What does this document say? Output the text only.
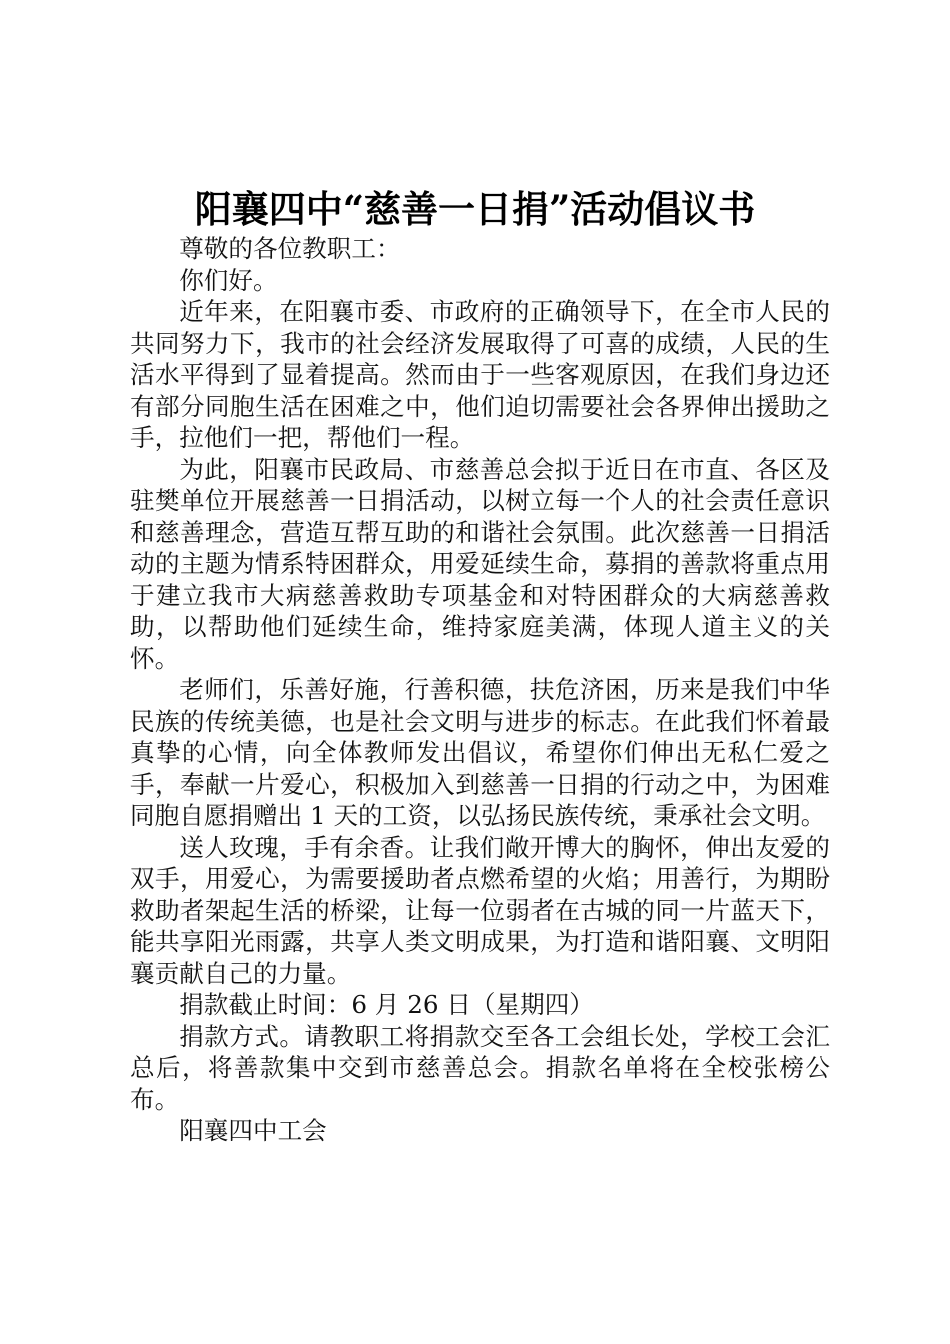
阳襄四中“慈善一日捐”活动倡议书

尊敬的各位教职工：

你们好。

近年来，在阳襄市委、市政府的正确领导下，在全市人民的共同努力下，我市的社会经济发展取得了可喜的成绩，人民的生活水平得到了显着提高。然而由于一些客观原因，在我们身边还有部分同胞生活在困难之中，他们迫切需要社会各界伸出援助之手，拉他们一把，帮他们一程。

为此，阳襄市民政局、市慈善总会拟于近日在市直、各区及驻樊单位开展慈善一日捐活动，以树立每一个人的社会责任意识和慈善理念，营造互帮互助的和谐社会氛围。此次慈善一日捐活动的主题为情系特困群众，用爱延续生命，募捐的善款将重点用于建立我市大病慈善救助专项基金和对特困群众的大病慈善救助，以帮助他们延续生命，维持家庭美满，体现人道主义的关怀。

老师们，乐善好施，行善积德，扶危济困，历来是我们中华民族的传统美德，也是社会文明与进步的标志。在此我们怀着最真挚的心情，向全体教师发出倡议，希望你们伸出无私仁爱之手，奉献一片爱心，积极加入到慈善一日捐的行动之中，为困难同胞自愿捐赠出 1 天的工资，以弘扬民族传统，秉承社会文明。

送人玫瑰，手有余香。让我们敞开博大的胸怀，伸出友爱的双手，用爱心，为需要援助者点燃希望的火焰；用善行，为期盼救助者架起生活的桥梁，让每一位弱者在古城的同一片蓝天下，能共享阳光雨露，共享人类文明成果，为打造和谐阳襄、文明阳襄贡献自己的力量。

捐款截止时间：6 月 26 日（星期四）

捐款方式。请教职工将捐款交至各工会组长处，学校工会汇总后，将善款集中交到市慈善总会。捐款名单将在全校张榜公布。

阳襄四中工会
